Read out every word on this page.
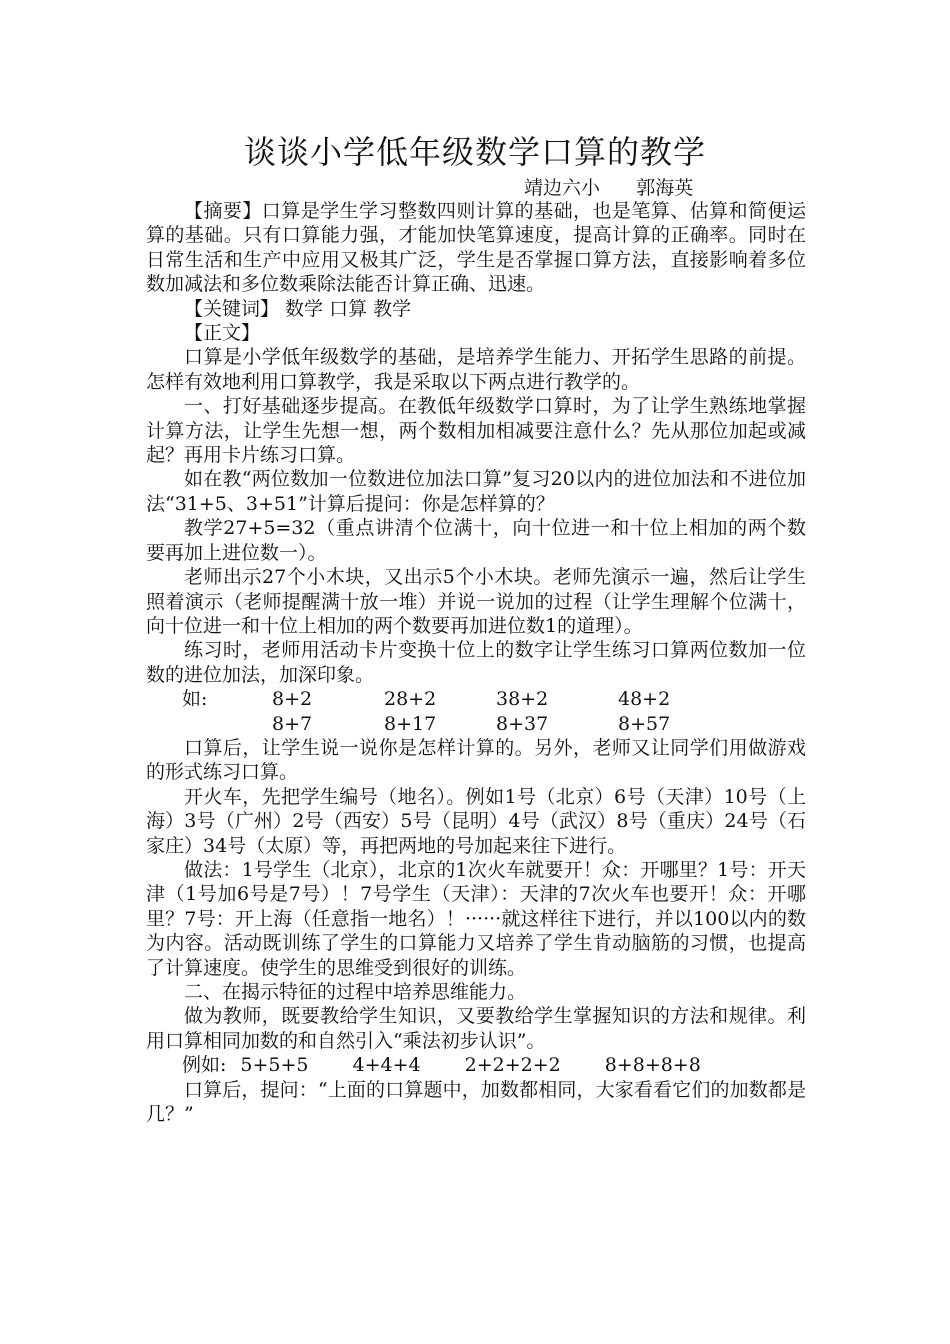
谈谈小学低年级数学口算的教学
靖边六小      郭海英

【摘要】口算是学生学习整数四则计算的基础，也是笔算、估算和简便运算的基础。只有口算能力强，才能加快笔算速度，提高计算的正确率。同时在日常生活和生产中应用又极其广泛，学生是否掌握口算方法，直接影响着多位数加减法和多位数乘除法能否计算正确、迅速。

【关键词】 数学 口算 教学

【正文】

口算是小学低年级数学的基础，是培养学生能力、开拓学生思路的前提。怎样有效地利用口算教学，我是采取以下两点进行教学的。

一、打好基础逐步提高。在教低年级数学口算时，为了让学生熟练地掌握计算方法，让学生先想一想，两个数相加相减要注意什么？先从那位加起或减起？再用卡片练习口算。

如在教“两位数加一位数进位加法口算”复习20以内的进位加法和不进位加法“31+5、3+51”计算后提问：你是怎样算的？

教学27+5=32（重点讲清个位满十，向十位进一和十位上相加的两个数要再加上进位数一）。

老师出示27个小木块，又出示5个小木块。老师先演示一遍，然后让学生照着演示（老师提醒满十放一堆）并说一说加的过程（让学生理解个位满十，向十位进一和十位上相加的两个数要再加进位数1的道理）。

练习时，老师用活动卡片变换十位上的数字让学生练习口算两位数加一位数的进位加法，加深印象。

如:	8+2	28+2	38+2	48+2
8+7	8+17	8+37	8+57

口算后，让学生说一说你是怎样计算的。另外，老师又让同学们用做游戏的形式练习口算。

开火车，先把学生编号（地名）。例如1号（北京）6号（天津）10号（上海）3号（广州）2号（西安）5号（昆明）4号（武汉）8号（重庆）24号（石家庄）34号（太原）等，再把两地的号加起来往下进行。

做法：1号学生（北京），北京的1次火车就要开！众：开哪里？1号：开天津（1号加6号是7号）！7号学生（天津）：天津的7次火车也要开！众：开哪里？7号：开上海（任意指一地名）！······就这样往下进行，并以100以内的数为内容。活动既训练了学生的口算能力又培养了学生肯动脑筋的习惯，也提高了计算速度。使学生的思维受到很好的训练。

二、在揭示特征的过程中培养思维能力。

做为教师，既要教给学生知识，又要教给学生掌握知识的方法和规律。利用口算相同加数的和自然引入“乘法初步认识”。

例如: 5+5+5 4+4+4 2+2+2+2 8+8+8+8

口算后，提问：“上面的口算题中，加数都相同，大家看看它们的加数都是几？”
